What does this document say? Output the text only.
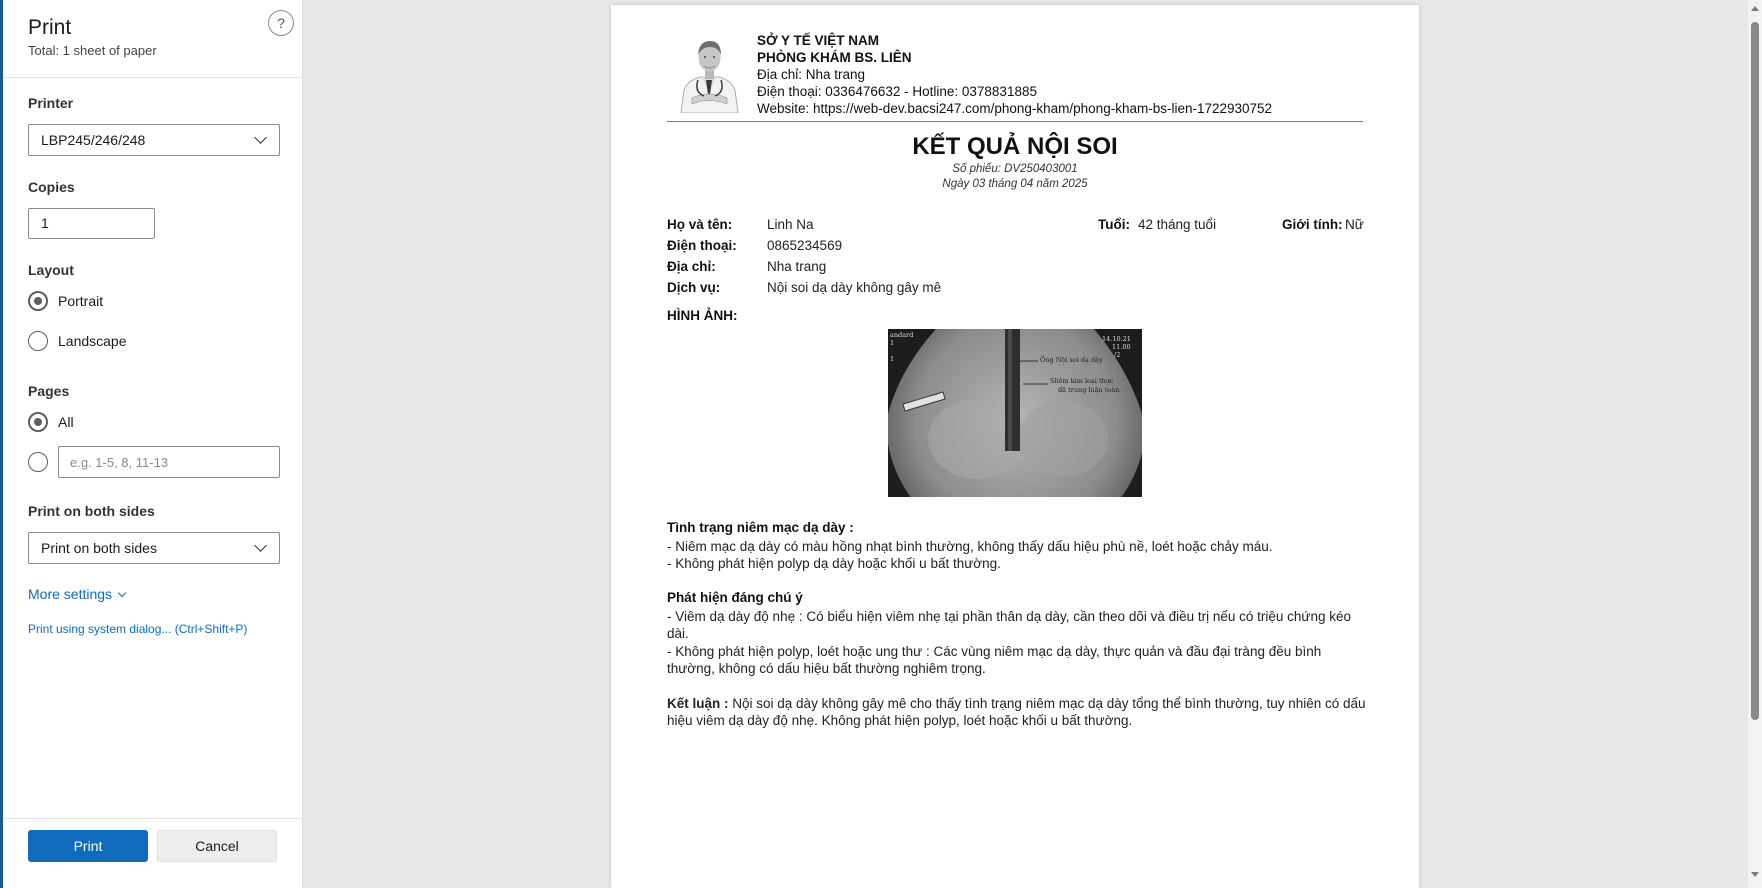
Print
Total: 1 sheet of paper
?
Printer
LBP245/246/248
Copies
1
Layout
Portrait
Landscape
Pages
All
e.g. 1-5, 8, 11-13
Print on both sides
Print on both sides
More settings
Print using system dialog... (Ctrl+Shift+P)
Print	Cancel
SỞ Y TẾ VIỆT NAM
PHÒNG KHÁM BS. LIÊN
Địa chỉ: Nha trang
Điện thoại: 0336476632 - Hotline: 0378831885
Website: https://web-dev.bacsi247.com/phong-kham/phong-kham-bs-lien-1722930752
KẾT QUẢ NỘI SOI
Số phiếu: DV250403001
Ngày 03 tháng 04 năm 2025
Họ và tên:	Linh Na	Tuổi: 42 tháng tuổi	Giới tính: Nữ
Điện thoại: 0865234569
Địa chỉ:	Nha trang
Dịch vụ:	Nội soi dạ dày không gây mê
HÌNH ẢNH:
andard
1
1
14.10.21
11.00
/2
Ống Nội soi dạ dày
Sliêm kim loại thực
đã trung luận toàn
Tình trạng niêm mạc dạ dày :
- Niêm mạc dạ dày có màu hồng nhạt bình thường, không thấy dấu hiệu phù nề, loét hoặc chảy máu.
- Không phát hiện polyp dạ dày hoặc khối u bất thường.
Phát hiện đáng chú ý
- Viêm dạ dày độ nhẹ : Có biểu hiện viêm nhẹ tại phần thân dạ dày, cần theo dõi và điều trị nếu có triệu chứng kéo dài.
- Không phát hiện polyp, loét hoặc ung thư : Các vùng niêm mạc dạ dày, thực quản và đầu đại tràng đều bình thường, không có dấu hiệu bất thường nghiêm trọng.
Kết luận : Nội soi dạ dày không gây mê cho thấy tình trạng niêm mạc dạ dày tổng thể bình thường, tuy nhiên có dấu hiệu viêm dạ dày độ nhẹ. Không phát hiện polyp, loét hoặc khối u bất thường.
